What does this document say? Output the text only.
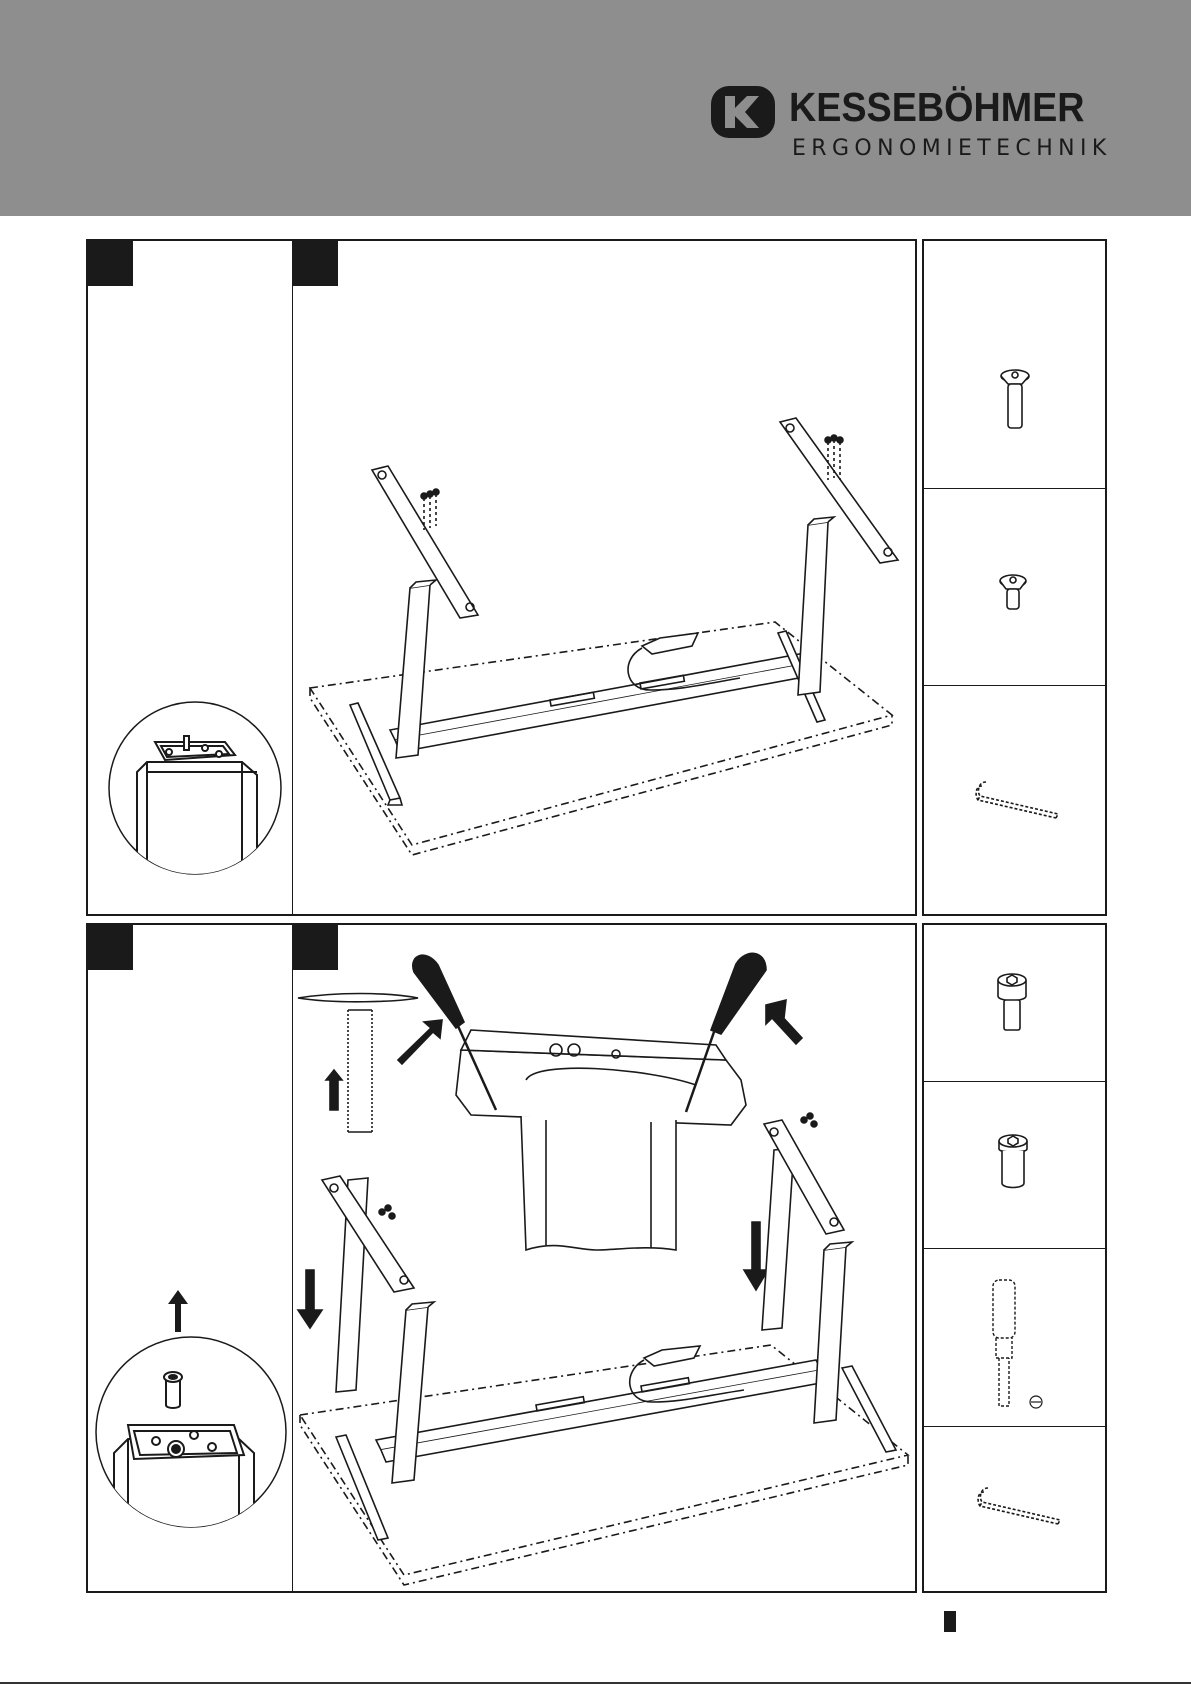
KESSEBÖHMER
ERGONOMIETECHNIK
